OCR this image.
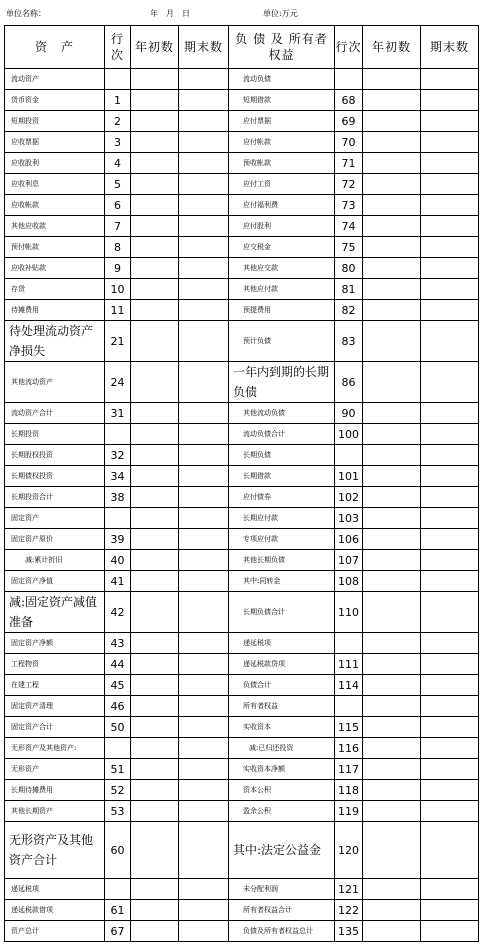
单位名称：	年　月　日	单位:万元
资　产	行次	年初数	期末数	负 债 及 所有者权益	行次	年初数	期末数
流动资产				流动负债			
货币资金	1			短期借款	68		
短期投资	2			应付票据	69		
应收票据	3			应付帐款	70		
应收股利	4			预收帐款	71		
应收利息	5			应付工资	72		
应收帐款	6			应付福利费	73		
其他应收款	7			应付股利	74		
预付帐款	8			应交税金	75		
应收补贴款	9			其他应交款	80		
存货	10			其他应付款	81		
待摊费用	11			预提费用	82		
待处理流动资产净损失	21			预计负债	83		
其他流动资产	24			一年内到期的长期负债	86		
流动资产合计	31			其他流动负债	90		
长期投资				流动负债合计	100		
长期股权投资	32			长期负债			
长期债权投资	34			长期借款	101		
长期投资合计	38			应付债券	102		
固定资产				长期应付款	103		
固定资产原价	39			专项应付款	106		
减:累计折旧	40			其他长期负债	107		
固定资产净值	41			其中:同转金	108		
减:固定资产减值准备	42			长期负债合计	110		
固定资产净额	43			递延税项			
工程物资	44			递延税款贷项	111		
在建工程	45			负债合计	114		
固定资产清理	46			所有者权益			
固定资产合计	50			实收资本	115		
无形资产及其他资产:				减:已归还投资	116		
无形资产	51			实收资本净额	117		
长期待摊费用	52			资本公积	118		
其他长期资产	53			盈余公积	119		
无形资产及其他资产合计	60			其中:法定公益金	120		
递延税项				未分配利润	121		
递延税款借项	61			所有者权益合计	122		
资产总计	67			负债及所有者权益总计	135		
